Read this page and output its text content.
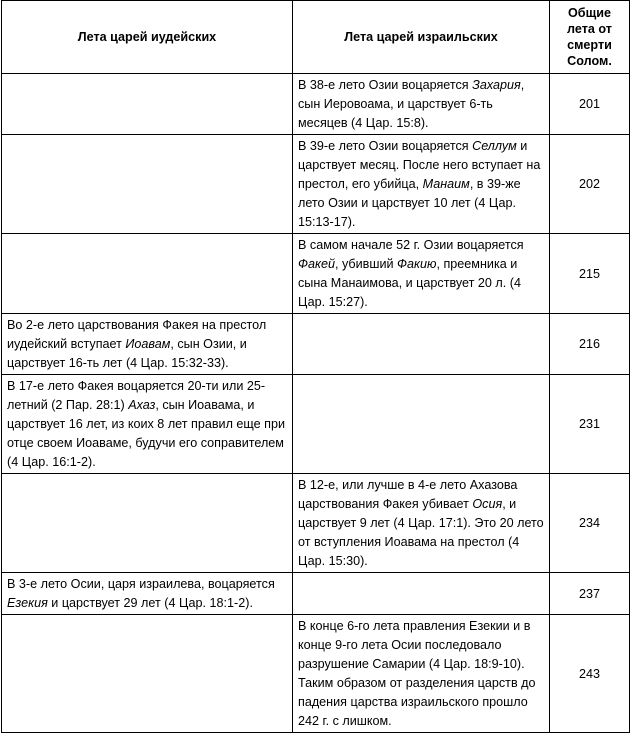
Лета царей иудейских	Лета царей израильских	Общие лета от смерти Солом.
	В 38-е лето Озии воцаряется Захария, сын Иеровоама, и царствует 6-ть месяцев (4 Цар. 15:8).	201
	В 39-е лето Озии воцаряется Селлум и царствует месяц. После него вступает на престол, его убийца, Манаим, в 39-же лето Озии и царствует 10 лет (4 Цар. 15:13-17).	202
	В самом начале 52 г. Озии воцаряется Факей, убивший Факию, преемника и сына Манаимова, и царствует 20 л. (4 Цар. 15:27).	215
Во 2-е лето царствования Факея на престол иудейский вступает Иоавам, сын Озии, и царствует 16-ть лет (4 Цар. 15:32-33).		216
В 17-е лето Факея воцаряется 20-ти или 25-летний (2 Пар. 28:1) Ахаз, сын Иоавама, и царствует 16 лет, из коих 8 лет правил еще при отце своем Иоаваме, будучи его соправителем (4 Цар. 16:1-2).		231
	В 12-е, или лучше в 4-е лето Ахазова царствования Факея убивает Осия, и царствует 9 лет (4 Цар. 17:1). Это 20 лето от вступления Иоавама на престол (4 Цар. 15:30).	234
В 3-е лето Осии, царя израилева, воцаряется Езекия и царствует 29 лет (4 Цар. 18:1-2).		237
	В конце 6-го лета правления Езекии и в конце 9-го лета Осии последовало разрушение Самарии (4 Цар. 18:9-10). Таким образом от разделения царств до падения царства израильского прошло 242 г. с лишком.	243
